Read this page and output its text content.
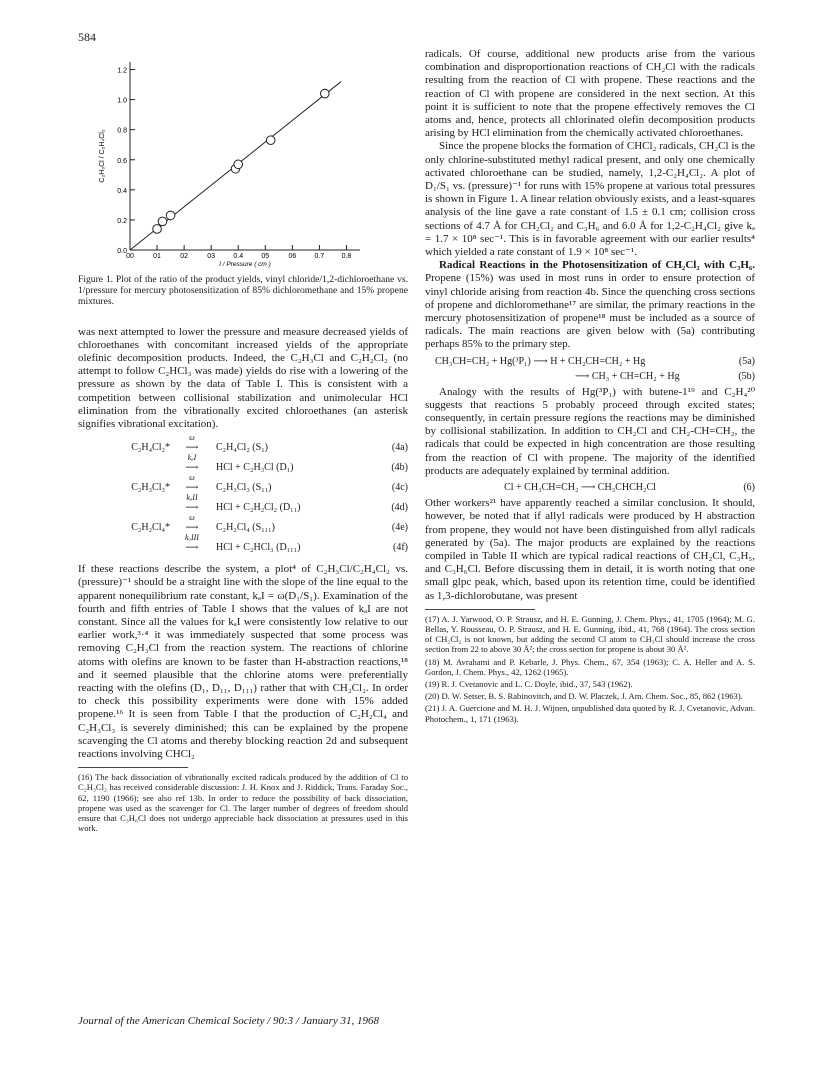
584
0.0
0.2
0.4
0.6
0.8
1.0
1.2
00	01	02	03	0.4	05	06	0.7 0.8
I / Pressure ( cm )
C₂H₃Cl / C₂H₄Cl₂
Figure 1. Plot of the ratio of the product yields, vinyl chloride/1,2-dichloroethane vs. 1/pressure for mercury photosensitization of 85% dichloromethane and 15% propene mixtures.

was next attempted to lower the pressure and measure decreased yields of chloroethanes with concomitant increased yields of the appropriate olefinic decomposition products. Indeed, the C₂H₃Cl and C₂H₂Cl₂ (no attempt to follow C₂HCl₃ was made) yields do rise with a lowering of the pressure as shown by the data of Table I. This is consistent with a competition between collisional stabilization and unimolecular HCl elimination from the vibrationally excited chloroethanes (an asterisk signifies vibrational excitation).

C₂H₄Cl₂*
ω
⟶	C₂H₄Cl₂ (S₁)	(4a)
kₐI
⟶	HCl + C₂H₃Cl (D₁)	(4b)
C₂H₃Cl₃*
ω
⟶	C₂H₃Cl₃ (S₁₁)	(4c)
kₐII
⟶	HCl + C₂H₂Cl₂ (D₁₁)	(4d)
C₂H₂Cl₄*
ω
⟶	C₂H₂Cl₄ (S₁₁₁)	(4e)
kₐIII
⟶	HCl + C₂HCl₃ (D₁₁₁)	(4f)

If these reactions describe the system, a plot⁴ of C₂H₃Cl/C₂H₄Cl₂ vs. (pressure)⁻¹ should be a straight line with the slope of the line equal to the apparent nonequilibrium rate constant, kₐI = ω(D₁/S₁). Examination of the fourth and fifth entries of Table I shows that the values of kₐI are not constant. Since all the values for kₐI were consistently low relative to our earlier work,³·⁴ it was immediately suspected that some process was removing C₂H₃Cl from the reaction system. The reactions of chlorine atoms with olefins are known to be faster than H-abstraction reactions,¹⁸ and it seemed plausible that the chlorine atoms were preferentially reacting with the olefins (D₁, D₁₁, D₁₁₁) rather that with CH₂Cl₂. In order to check this possibility experiments were done with 15% added propene.¹⁶ It is seen from Table I that the production of C₂H₂Cl₄ and C₂H₃Cl₃ is severely diminished; this can be explained by the propene scavenging the Cl atoms and thereby blocking reaction 2d and subsequent reactions involving CHCl₂

(16) The back dissociation of vibrationally excited radicals produced by the addition of Cl to C₂H₃Cl₂ has received considerable discussion: J. H. Knox and J. Riddick, Trans. Faraday Soc., 62, 1190 (1966); see also ref 13b. In order to reduce the possibility of back dissociation, propene was used as the scavenger for Cl. The larger number of degrees of freedom should ensure that C₃H₆Cl does not undergo appreciable back dissociation at pressures used in this work.

radicals. Of course, additional new products arise from the various combination and disproportionation reactions of CH₂Cl with the radicals resulting from the reaction of Cl with propene. These reactions and the reaction of Cl with propene are considered in the next section. At this point it is sufficient to note that the propene effectively removes the Cl atoms and, hence, protects all chlorinated olefin decomposition products arising by HCl elimination from the chemically activated chloroethanes.

Since the propene blocks the formation of CHCl₂ radicals, CH₂Cl is the only chlorine-substituted methyl radical present, and only one chemically activated chloroethane can be studied, namely, 1,2-C₂H₄Cl₂. A plot of D₁/S₁ vs. (pressure)⁻¹ for runs with 15% propene at various total pressures is shown in Figure 1. A linear relation obviously exists, and a least-squares analysis of the line gave a rate constant of 1.5 ± 0.1 cm; collision cross sections of 4.7 Å for CH₂Cl₂ and C₃H₆ and 6.0 Å for 1,2-C₂H₄Cl₂ give kₐ = 1.7 × 10⁸ sec⁻¹. This is in favorable agreement with our earlier results⁴ which yielded a rate constant of 1.9 × 10⁸ sec⁻¹.

Radical Reactions in the Photosensitization of CH₂Cl₂ with C₃H₆. Propene (15%) was used in most runs in order to ensure protection of vinyl chloride arising from reaction 4b. Since the quenching cross sections of propene and dichloromethane¹⁷ are similar, the primary reactions in the mercury photosensitization of propene¹⁸ must be included as a source of radicals. The main reactions are given below with (5a) contributing perhaps 85% to the primary step.

CH₃CH=CH₂ + Hg(³P₁) ⟶ H + CH₂CH=CH₂ + Hg	(5a)
⟶ CH₃ + CH=CH₂ + Hg	(5b)

Analogy with the results of Hg(³P₁) with butene-1¹⁹ and C₂H₄²⁰ suggests that reactions 5 probably proceed through excited states; consequently, in certain pressure regions the reactions may be diminished by collisional stabilization. In addition to CH₂Cl and CH₂-CH=CH₂, the radicals that could be expected in high concentration are those resulting from the reaction of Cl with propene. The majority of the identified products are adequately explained by terminal addition.

Cl + CH₃CH=CH₂ ⟶ CH₃CHCH₂Cl	(6)

Other workers²¹ have apparently reached a similar conclusion. It should, however, be noted that if allyl radicals were produced by H abstraction from propene, they would not have been distinguished from allyl radicals generated by (5a). The major products are explained by the reactions compiled in Table II which are typical radical reactions of CH₂Cl, C₃H₅, and C₃H₆Cl. Before discussing them in detail, it is worth noting that one small glpc peak, which, based upon its retention time, could be identified as 1,3-dichlorobutane, was present

(17) A. J. Yarwood, O. P. Strausz, and H. E. Gunning, J. Chem. Phys., 41, 1705 (1964); M. G. Bellas, Y. Rousseau, O. P. Strausz, and H. E. Gunning, ibid., 41, 768 (1964). The cross section of CH₂Cl₂ is not known, but adding the second Cl atom to CH₃Cl should increase the cross section from 22 to above 30 Å²; the cross section for propene is about 30 Å².
(18) M. Avrahami and P. Kebarle, J. Phys. Chem., 67, 354 (1963); C. A. Heller and A. S. Gordon, J. Chem. Phys., 42, 1262 (1965).
(19) R. J. Cvetanovic and L. C. Doyle, ibid., 37, 543 (1962).
(20) D. W. Setser, B. S. Rabinovitch, and D. W. Placzek, J. Am. Chem. Soc., 85, 862 (1963).
(21) J. A. Guercione and M. H. J. Wijnen, unpublished data quoted by R. J. Cvetanovic, Advan. Photochem., 1, 171 (1963).
Journal of the American Chemical Society / 90:3 / January 31, 1968
